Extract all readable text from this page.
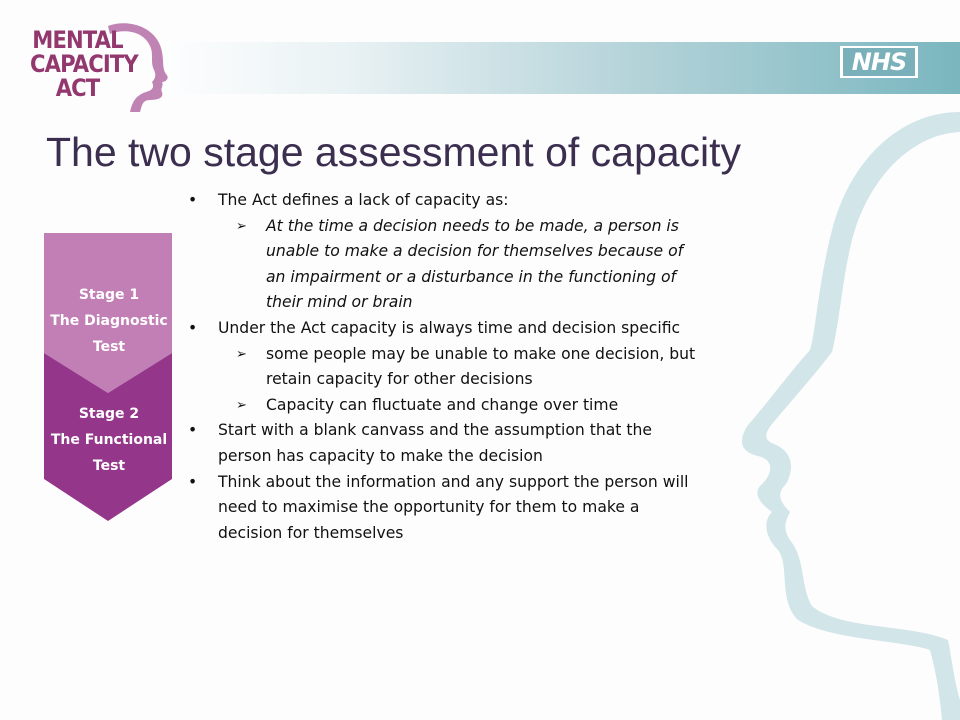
NHS
MENTAL
CAPACITY
ACT
The two stage assessment of capacity
Stage 1
The Diagnostic
Test
Stage 2
The Functional
Test
• The Act defines a lack of capacity as:
➢ At the time a decision needs to be made, a person is unable to make a decision for themselves because of an impairment or a disturbance in the functioning of their mind or brain
• Under the Act capacity is always time and decision specific
➢ some people may be unable to make one decision, but retain capacity for other decisions
➢ Capacity can fluctuate and change over time
• Start with a blank canvass and the assumption that the person has capacity to make the decision
• Think about the information and any support the person will need to maximise the opportunity for them to make a decision for themselves
